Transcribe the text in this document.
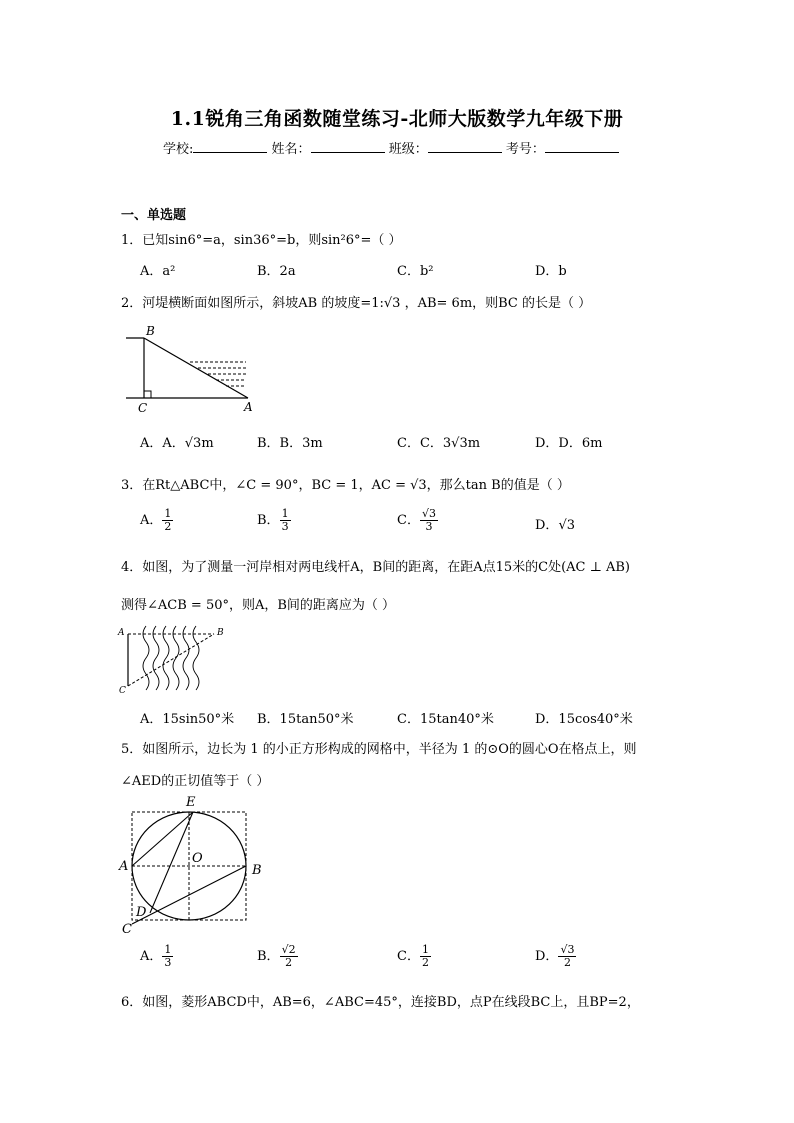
1.1锐角三角函数随堂练习-北师大版数学九年级下册
学校:	姓名：	班级：	考号：
一、单选题
1．已知sin6°=a，sin36°=b，则sin²6°=（ ）
A．a²	B．2a	C．b²	D．b
2．河堤横断面如图所示，斜坡AB 的坡度=1:√3 ，AB= 6m，则BC 的长是（ ）
B
C	A
A．A．√3m	B．B．3m	C．C．3√3m	D．D．6m
3．在Rt△ABC中，∠C = 90°，BC = 1，AC = √3，那么tan B的值是（ ）
A． $\frac{1}{2}$	B． $\frac{1}{3}$	C． $\frac{√3}{3}$	D．√3
4．如图，为了测量一河岸相对两电线杆A，B间的距离，在距A点15米的C处(AC ⊥ AB)
测得∠ACB = 50°，则A，B间的距离应为（ ）
A	B
C
A．15sin50°米 B．15tan50°米	C．15tan40°米	D．15cos40°米
5．如图所示，边长为 1 的小正方形构成的网格中，半径为 1 的⊙O的圆心O在格点上，则
∠AED的正切值等于（ ）
E
O
A	B
D
C
A． $\frac{1}{3}$	B． $\frac{√2}{2}$	C． $\frac{1}{2}$	D． $\frac{√3}{2}$
6．如图，菱形ABCD中，AB=6，∠ABC=45°，连接BD，点P在线段BC上，且BP=2，
